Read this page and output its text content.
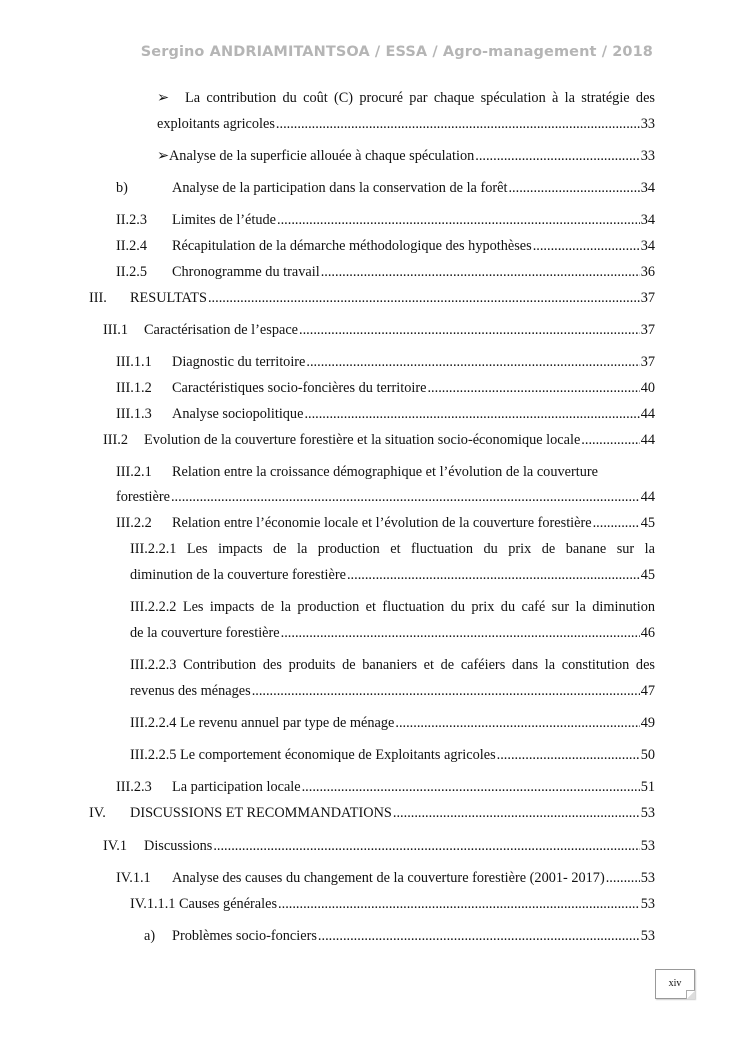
Sergino ANDRIAMITANTSOA / ESSA / Agro-management / 2018
➢ La contribution du coût (C) procuré par chaque spéculation à la stratégie des
exploitants agricoles .....	33
➢ Analyse de la superficie allouée à chaque spéculation .....	33
b)	Analyse de la participation dans la conservation de la forêt .....	34
II.2.3	Limites de l’étude .....	34
II.2.4	Récapitulation de la démarche méthodologique des hypothèses .....	34
II.2.5	Chronogramme du travail .....	36
III.	RESULTATS .....	37
III.1	Caractérisation de l’espace .....	37
III.1.1	Diagnostic du territoire .....	37
III.1.2	Caractéristiques socio-foncières du territoire .....	40
III.1.3	Analyse sociopolitique .....	44
III.2	Evolution de la couverture forestière et la situation socio-économique locale .....	44
III.2.1	Relation entre la croissance démographique et l’évolution de la couverture
forestière .....	44
III.2.2	Relation entre l’économie locale et l’évolution de la couverture forestière .....	45
III.2.2.1 Les impacts de la production et fluctuation du prix de banane sur la
diminution de la couverture forestière .....	45
III.2.2.2 Les impacts de la production et fluctuation du prix du café sur la diminution
de la couverture forestière .....	46
III.2.2.3 Contribution des produits de bananiers et de caféiers dans la constitution des
revenus des ménages .....	47
III.2.2.4 Le revenu annuel par type de ménage .....	49
III.2.2.5 Le comportement économique de Exploitants agricoles .....	50
III.2.3	La participation locale .....	51
IV.	DISCUSSIONS ET RECOMMANDATIONS .....	53
IV.1	Discussions .....	53
IV.1.1	Analyse des causes du changement de la couverture forestière (2001- 2017) .....	53
IV.1.1.1 Causes générales .....	53
a)	Problèmes socio-fonciers .....	53
xiv
